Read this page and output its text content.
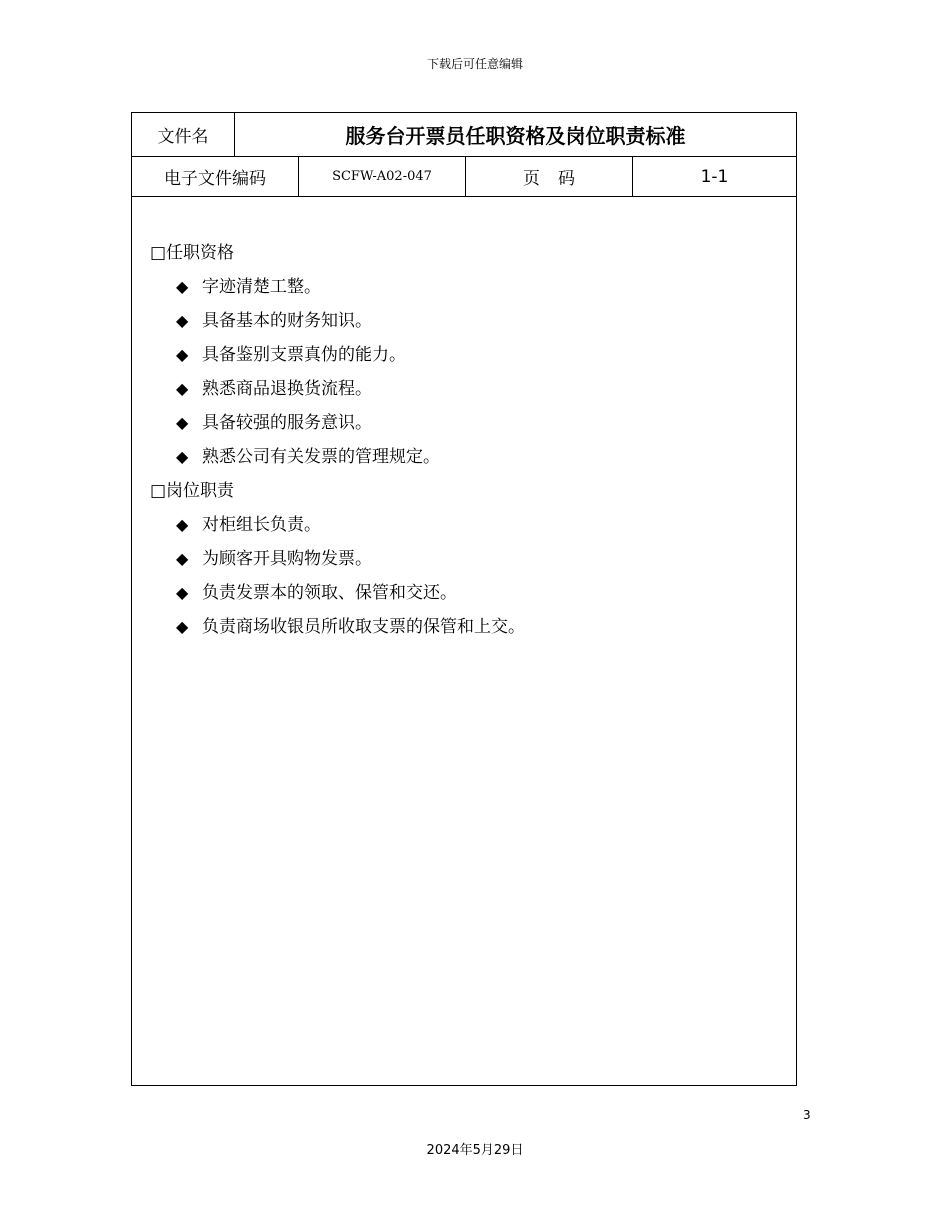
下载后可任意编辑
文件名	服务台开票员任职资格及岗位职责标准
电子文件编码	SCFW-A02-047	页码	1-1
□任职资格
◆ 字迹清楚工整。
◆ 具备基本的财务知识。
◆ 具备鉴别支票真伪的能力。
◆ 熟悉商品退换货流程。
◆ 具备较强的服务意识。
◆ 熟悉公司有关发票的管理规定。
□岗位职责
◆ 对柜组长负责。
◆ 为顾客开具购物发票。
◆ 负责发票本的领取、保管和交还。
◆ 负责商场收银员所收取支票的保管和上交。
3
2024年5月29日
